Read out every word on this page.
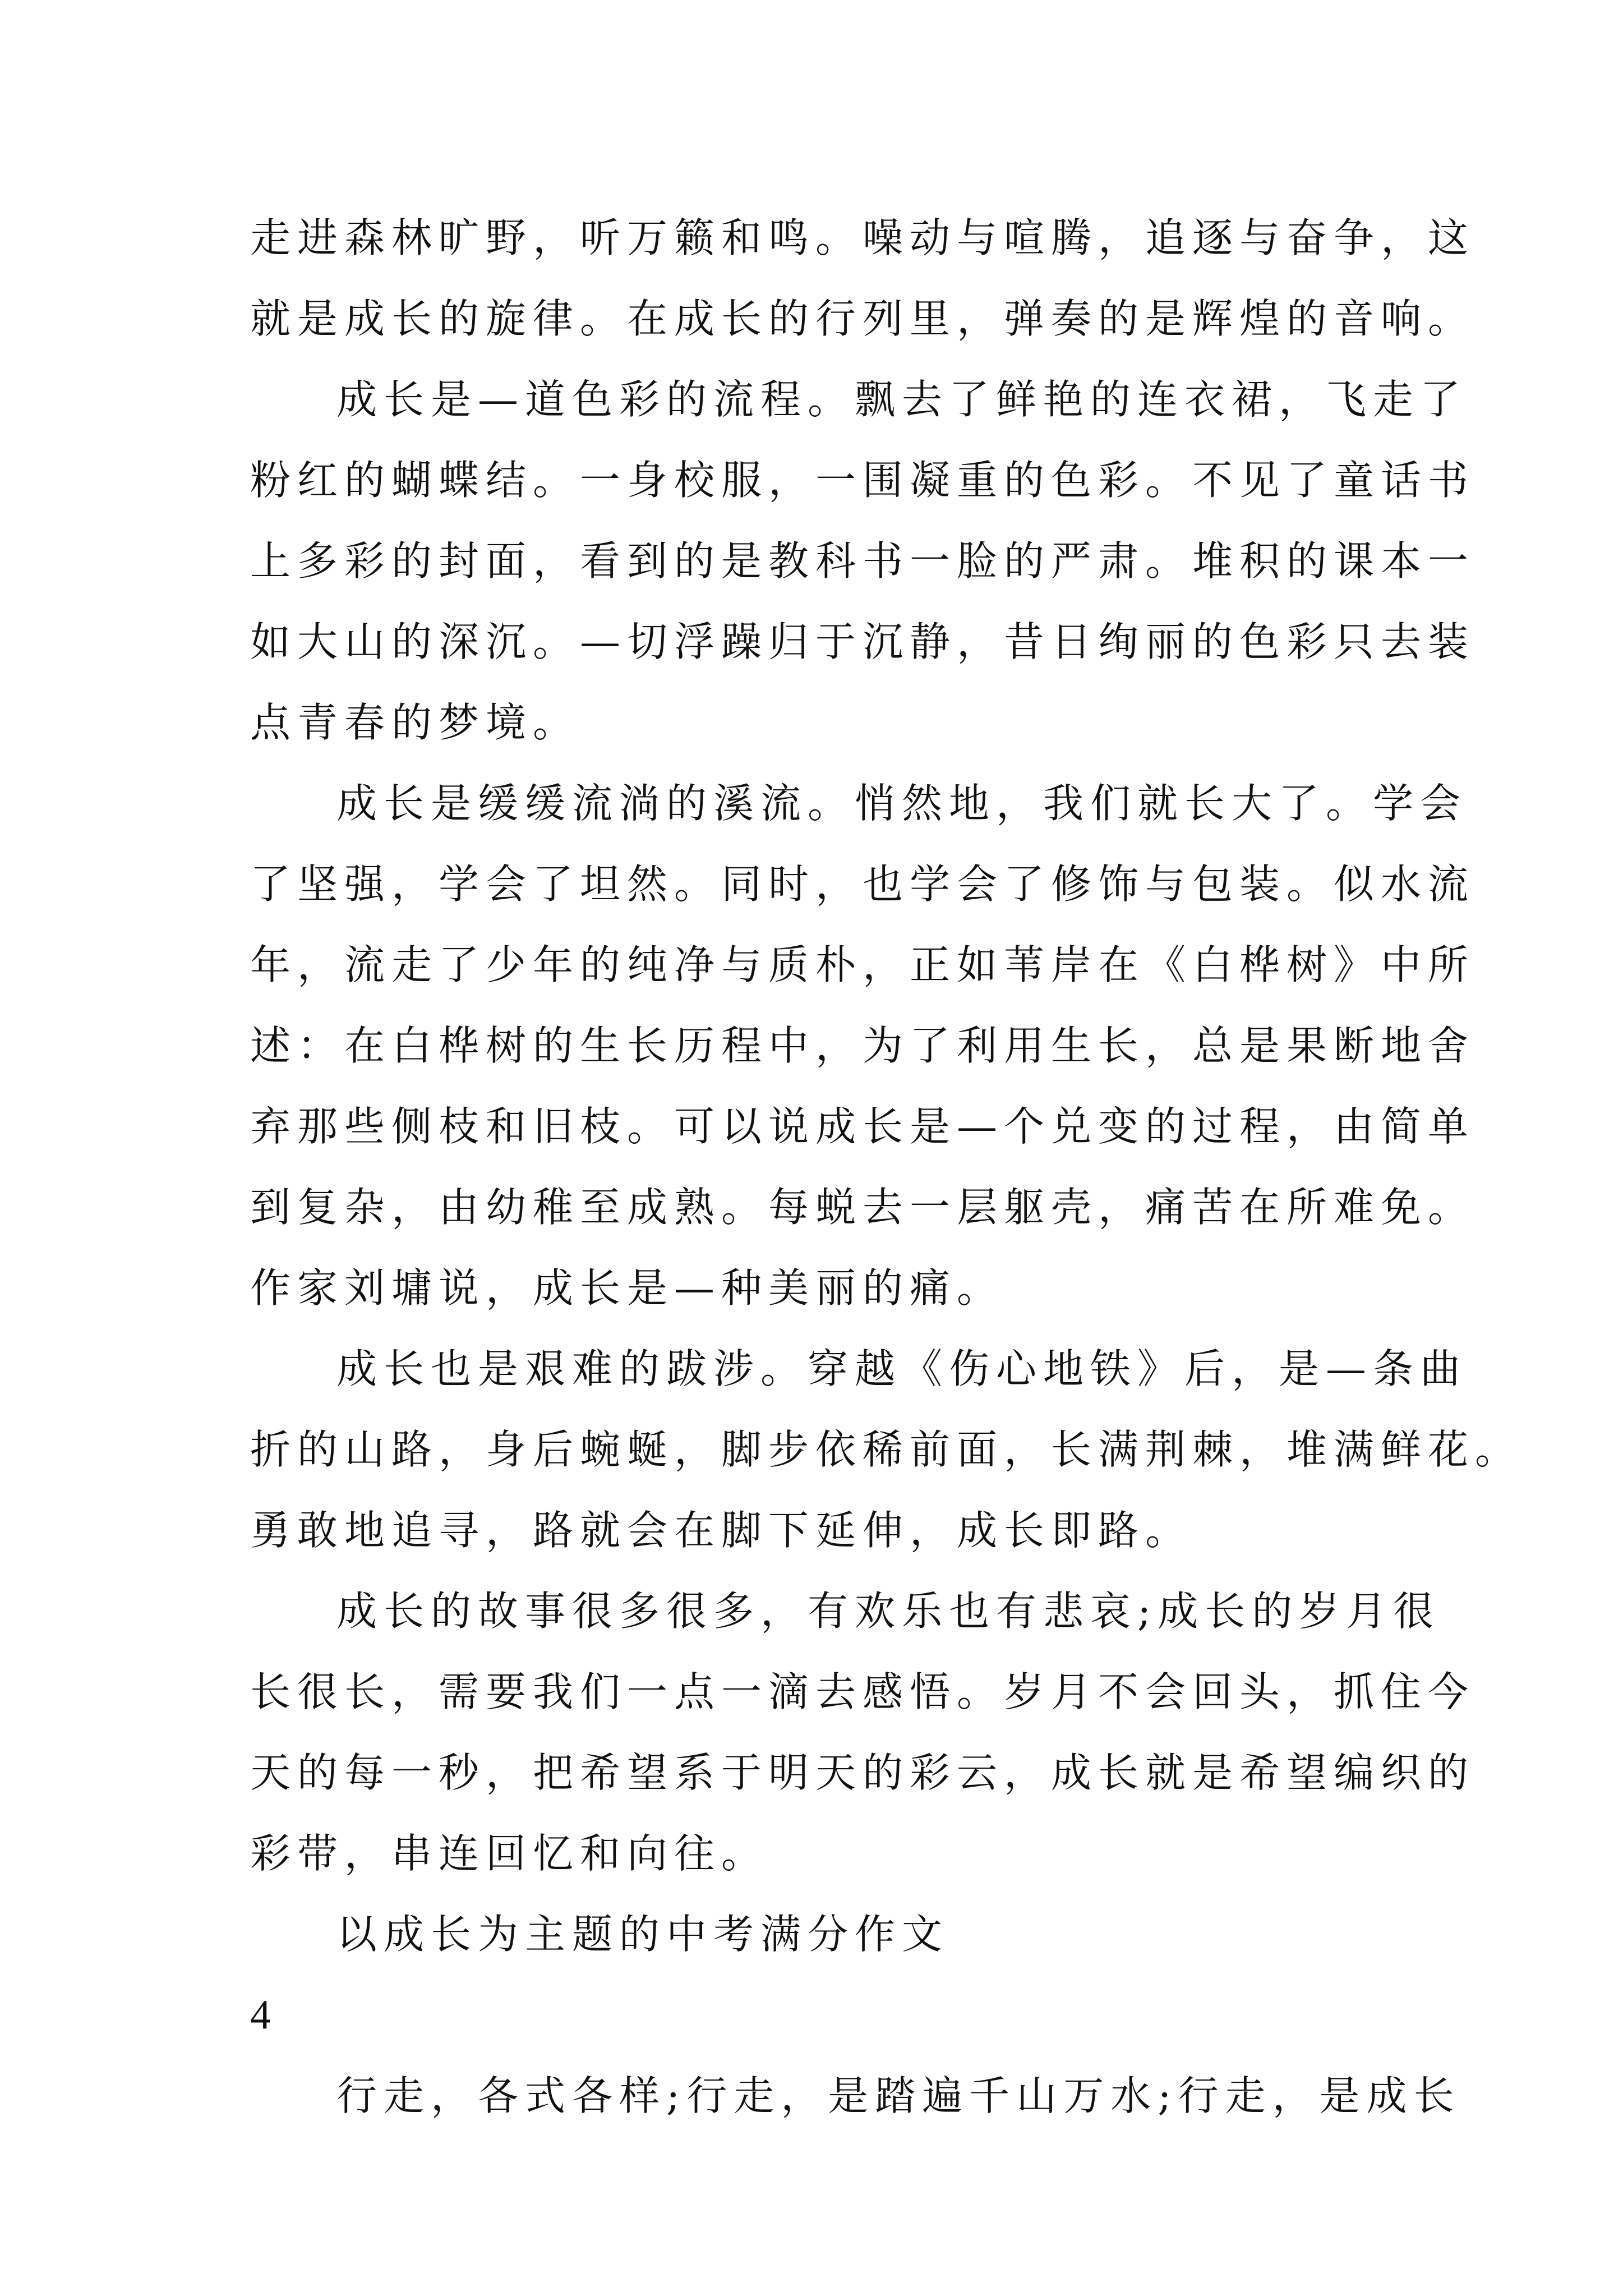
走进森林旷野，听万籁和鸣。噪动与喧腾，追逐与奋争，这
就是成长的旋律。在成长的行列里，弹奏的是辉煌的音响。
成长是—道色彩的流程。飘去了鲜艳的连衣裙，飞走了
粉红的蝴蝶结。一身校服，一围凝重的色彩。不见了童话书
上多彩的封面，看到的是教科书一脸的严肃。堆积的课本一
如大山的深沉。—切浮躁归于沉静，昔日绚丽的色彩只去装
点青春的梦境。
成长是缓缓流淌的溪流。悄然地，我们就长大了。学会
了坚强，学会了坦然。同时，也学会了修饰与包装。似水流
年，流走了少年的纯净与质朴，正如苇岸在《白桦树》中所
述：在白桦树的生长历程中，为了利用生长，总是果断地舍
弃那些侧枝和旧枝。可以说成长是—个兑变的过程，由简单
到复杂，由幼稚至成熟。每蜕去一层躯壳，痛苦在所难免。
作家刘墉说，成长是—种美丽的痛。
成长也是艰难的跋涉。穿越《伤心地铁》后，是—条曲
折的山路，身后蜿蜒，脚步依稀前面，长满荆棘，堆满鲜花。
勇敢地追寻，路就会在脚下延伸，成长即路。
成长的故事很多很多，有欢乐也有悲哀;成长的岁月很
长很长，需要我们一点一滴去感悟。岁月不会回头，抓住今
天的每一秒，把希望系于明天的彩云，成长就是希望编织的
彩带，串连回忆和向往。
以成长为主题的中考满分作文
4
行走，各式各样;行走，是踏遍千山万水;行走，是成长
